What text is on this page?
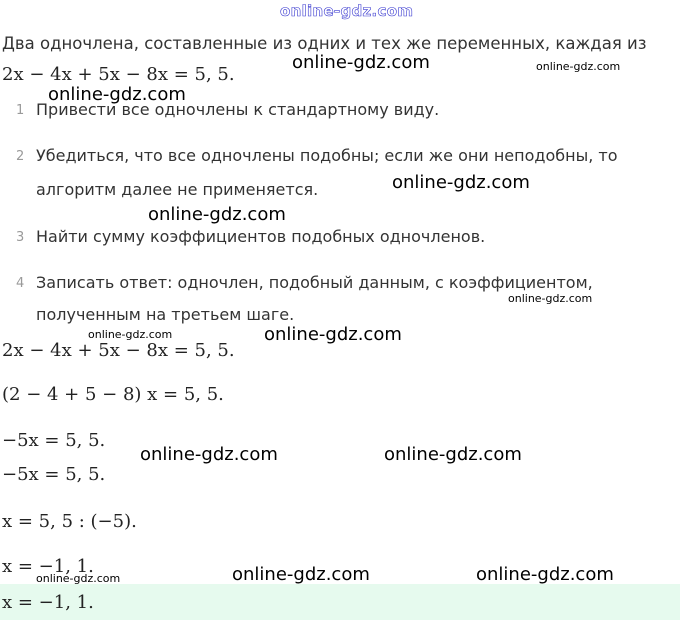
online-gdz.com
Два одночлена, составленные из одних и тех же переменных, каждая из
2x − 4x + 5x − 8x = 5, 5.
1 Привести все одночлены к стандартному виду.
2 Убедиться, что все одночлены подобны; если же они неподобны, то
алгоритм далее не применяется.
3 Найти сумму коэффициентов подобных одночленов.
4 Записать ответ: одночлен, подобный данным, с коэффициентом,
полученным на третьем шаге.
2x − 4x + 5x − 8x = 5, 5.
(2 − 4 + 5 − 8) x = 5, 5.
−5x = 5, 5.
−5x = 5, 5.
x = 5, 5 : (−5).
x = −1, 1.
x = −1, 1.
online-gdz.com	online-gdz.com
online-gdz.com
online-gdz.com
online-gdz.com
online-gdz.com
online-gdz.com	online-gdz.com
online-gdz.com	online-gdz.com
online-gdz.com	online-gdz.com	online-gdz.com
